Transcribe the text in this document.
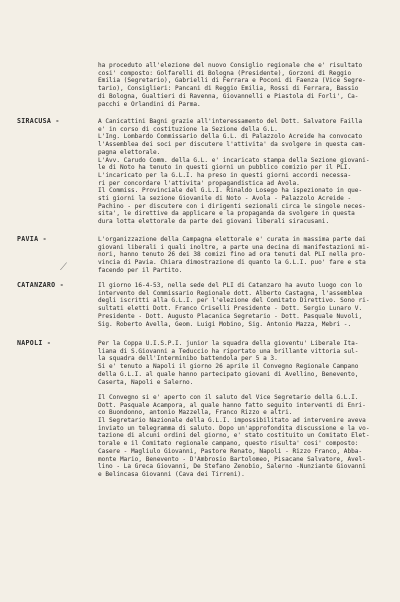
ha proceduto all'elezione del nuovo Consiglio regionale che e' risultato
cosi' composto: Golfarelli di Bologna (Presidente), Gorzoni di Reggio
Emilia (Segretario), Gabrielli di Ferrara e Poconi di Faenza (Vice Segre-
tario), Consiglieri: Pancani di Reggio Emilia, Rossi di Ferrara, Bassio
di Bologna, Gualtieri di Ravenna, Giovannelli e Piastola di Forli', Ca-
pacchi e Orlandini di Parma.
SIRACUSA -	A Canicattini Bagni grazie all'interessamento del Dott. Salvatore Failla
e' in corso di costituzione la Sezione della G.L.
L'Ing. Lombardo Commissario della G.L. di Palazzolo Acreide ha convocato
l'Assemblea dei soci per discutere l'attivita' da svolgere in questa cam-
pagna elettorale.
L'Avv. Carudo Comm. della G.L. e' incaricato stampa della Sezione giovani-
le di Noto ha tenuto in questi giorni un pubblico comizio per il PLI.
L'incaricato per la G.L.I. ha preso in questi giorni accordi necessa-
ri per concordare l'attivita' propagandistica ad Avola.
Il Commiss. Provinciale del G.L.I. Rinaldo Losego ha ispezionato in que-
sti giorni la sezione Giovanile di Noto - Avola - Palazzolo Acreide -
Pachino - per discutere con i dirigenti sezionali circa le singole neces-
sita', le direttive da applicare e la propaganda da svolgere in questa
dura lotta elettorale da parte dei giovani liberali siracusani.
PAVIA -	L'organizzazione della Campagna elettorale e' curata in massima parte dai
giovani liberali i quali inoltre, a parte una decina di manifestazioni mi-
nori, hanno tenuto 26 dei 38 comizi fino ad ora tenuti dal PLI nella pro-
vincia di Pavia. Chiara dimostrazione di quanto la G.L.I. puo' fare e sta
facendo per il Partito.
CATANZARO -	Il giorno 16-4-53, nella sede del PLI di Catanzaro ha avuto luogo con lo
intervento del Commissario Regionale dott. Alberto Castagna, l'assemblea
degli iscritti alla G.L.I. per l'elezione del Comitato Direttivo. Sono ri-
sultati eletti Dott. Franco Criselli Presidente - Dott. Sergio Lunaro V.
Presidente - Dott. Augusto Placanica Segretario - Dott. Pasquale Nuvoli,
Sig. Roberto Avella, Geom. Luigi Mobino, Sig. Antonio Mazza, Mebri -.
NAPOLI -	Per la Coppa U.I.S.P.I. junior la squadra della gioventu' Liberale Ita-
liana di S.Giovanni a Teduccio ha riportato una brillante vittoria sul-
la squadra dell'Interminibo battendola per 5 a 3.
Si e' tenuto a Napoli il giorno 26 aprile il Convegno Regionale Campano
della G.L.I. al quale hanno partecipato giovani di Avellino, Benevento,
Caserta, Napoli e Salerno.

Il Convegno si e' aperto con il saluto del Vice Segretario della G.L.I.
Dott. Pasquale Acampora, al quale hanno fatto seguito interventi di Enri-
co Buondonno, antonio Mazzella, Franco Rizzo e altri.
Il Segretario Nazionale della G.L.I. impossibilitato ad intervenire aveva
inviato un telegramma di saluto. Dopo un'approfondita discussione e la vo-
tazione di alcuni ordini del giorno, e' stato costituito un Comitato Elet-
torale e il Comitato regionale campano, questo risulta' cosi' composto:
Casere - Magliulo Giovanni, Pastore Renato, Napoli - Rizzo Franco, Abba-
monte Mario, Benevento - D'Ambrosio Bartolomeo, Pisacane Salvatore, Avel-
lino - La Greca Giovanni, De Stefano Zenobio, Salerno -Nunziante Giovanni
e Belincasa Giovanni (Cava dei Tirreni).
⟋
